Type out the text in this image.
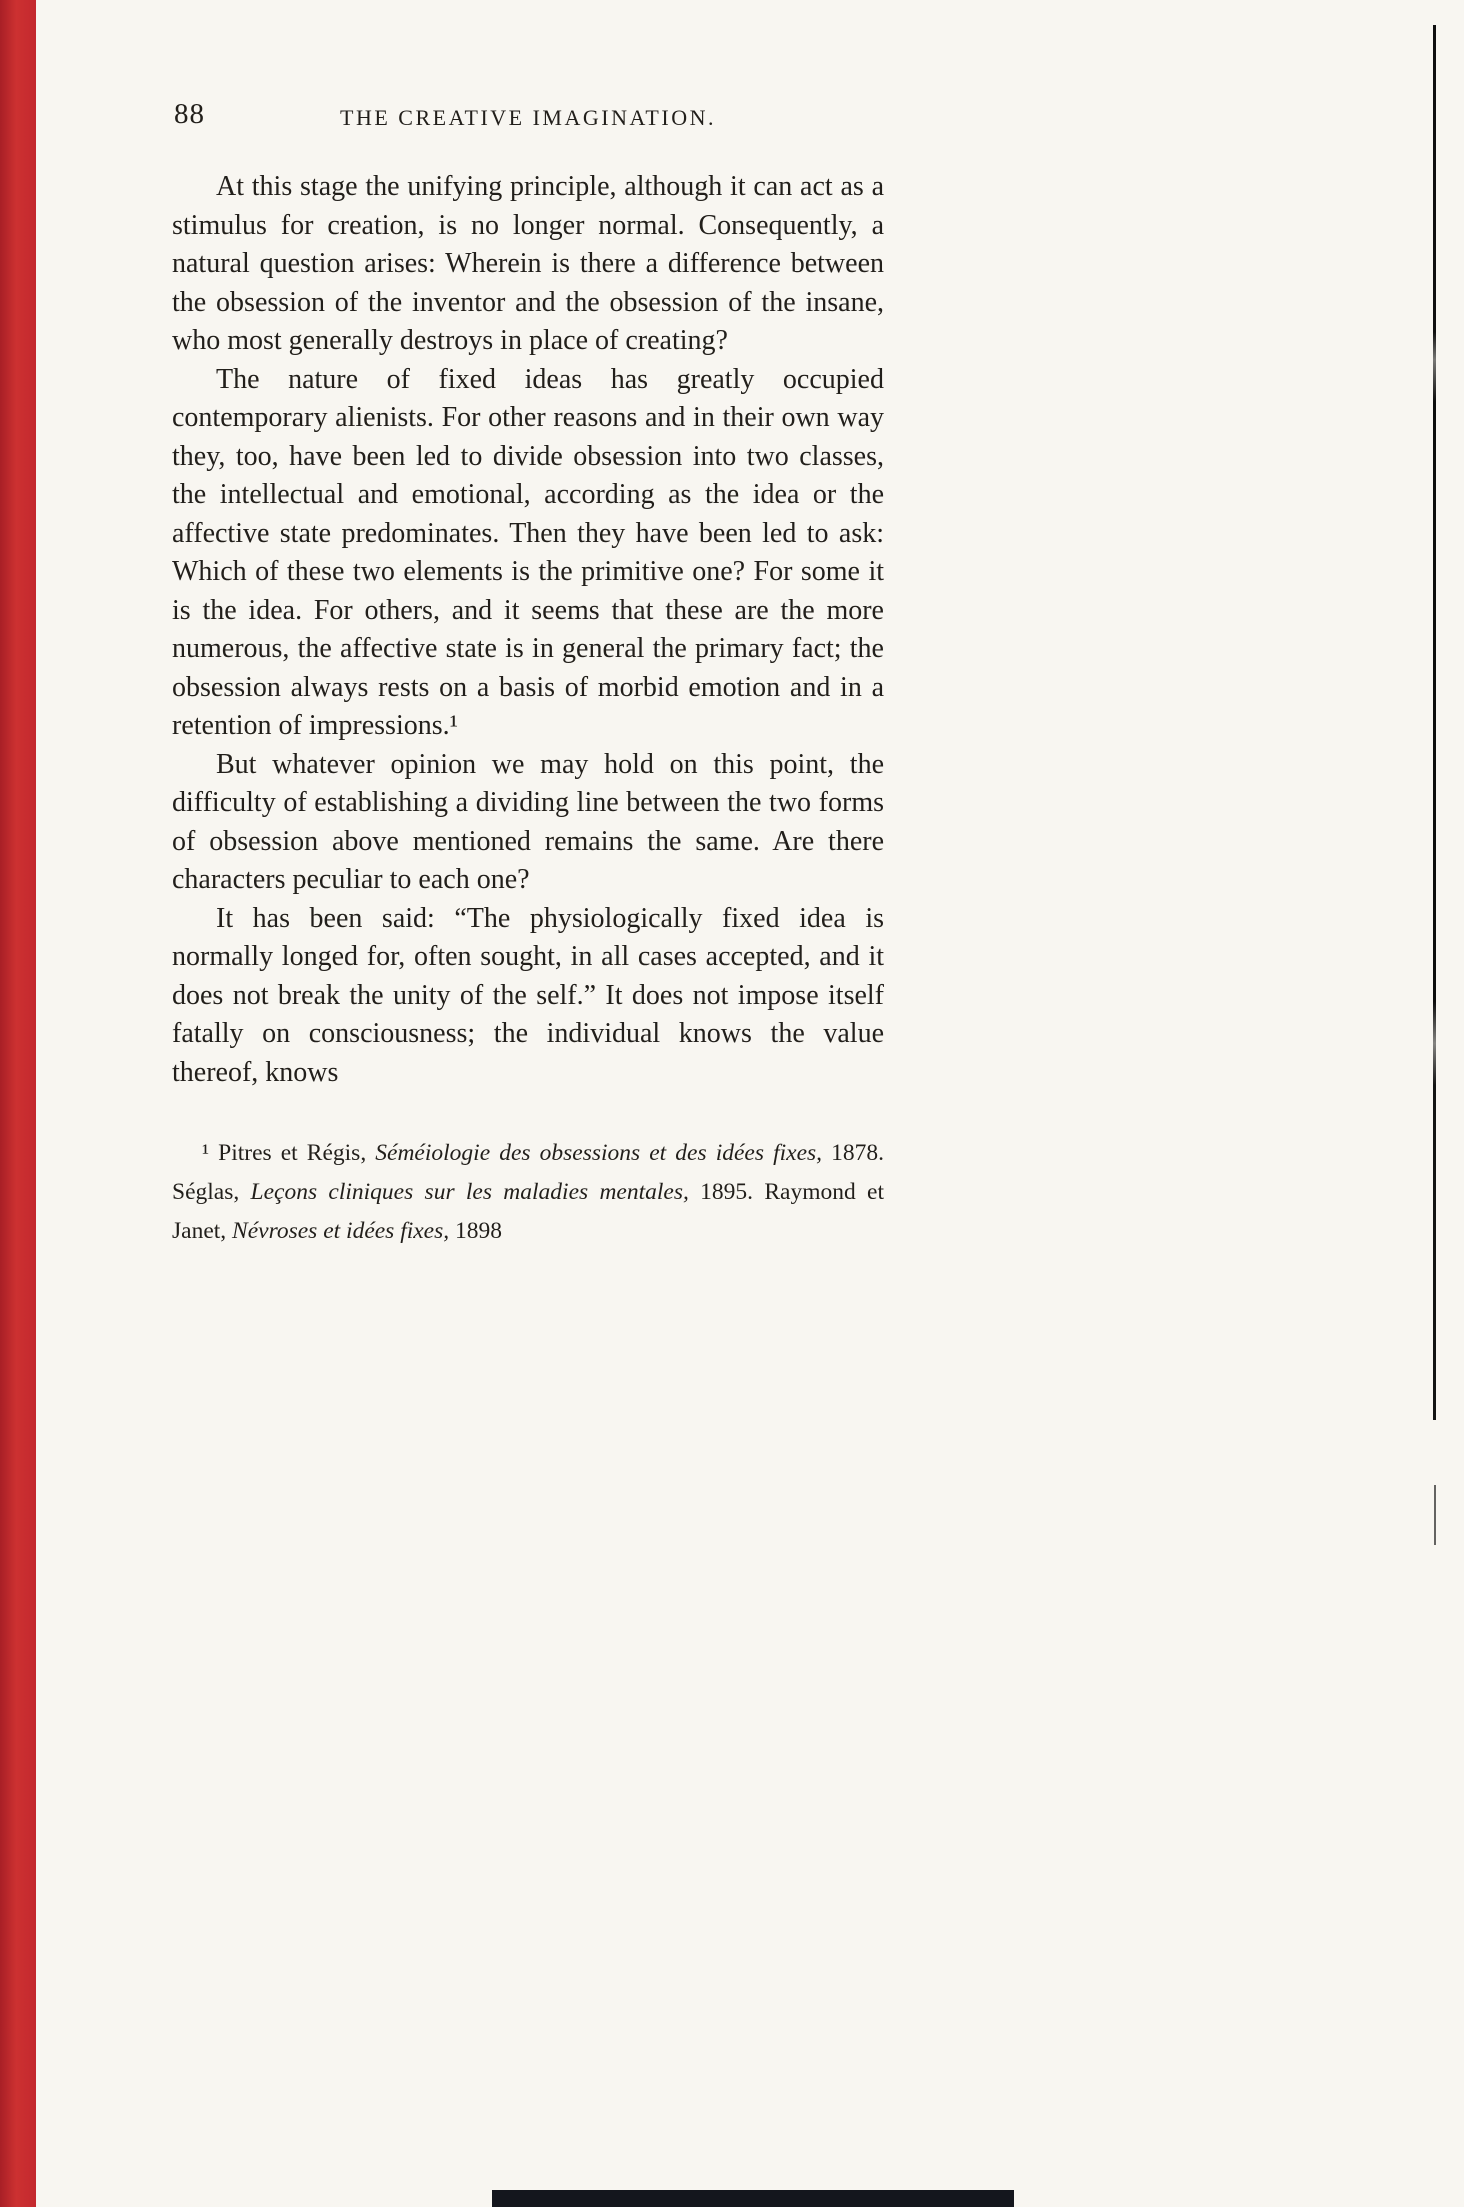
88	THE CREATIVE IMAGINATION.

At this stage the unifying principle, although it can act as a stimulus for creation, is no longer normal. Consequently, a natural question arises: Wherein is there a difference between the obsession of the inventor and the obsession of the insane, who most generally destroys in place of creating?

The nature of fixed ideas has greatly occupied contemporary alienists. For other reasons and in their own way they, too, have been led to divide obsession into two classes, the intellectual and emotional, according as the idea or the affective state predominates. Then they have been led to ask: Which of these two elements is the primitive one? For some it is the idea. For others, and it seems that these are the more numerous, the affective state is in general the primary fact; the obsession always rests on a basis of morbid emotion and in a retention of impressions.¹

But whatever opinion we may hold on this point, the difficulty of establishing a dividing line between the two forms of obsession above mentioned remains the same. Are there characters peculiar to each one?

It has been said: “The physiologically fixed idea is normally longed for, often sought, in all cases accepted, and it does not break the unity of the self.” It does not impose itself fatally on consciousness; the individual knows the value thereof, knows

¹ Pitres et Régis, Séméiologie des obsessions et des idées fixes, 1878. Séglas, Leçons cliniques sur les maladies mentales, 1895. Raymond et Janet, Névroses et idées fixes, 1898
